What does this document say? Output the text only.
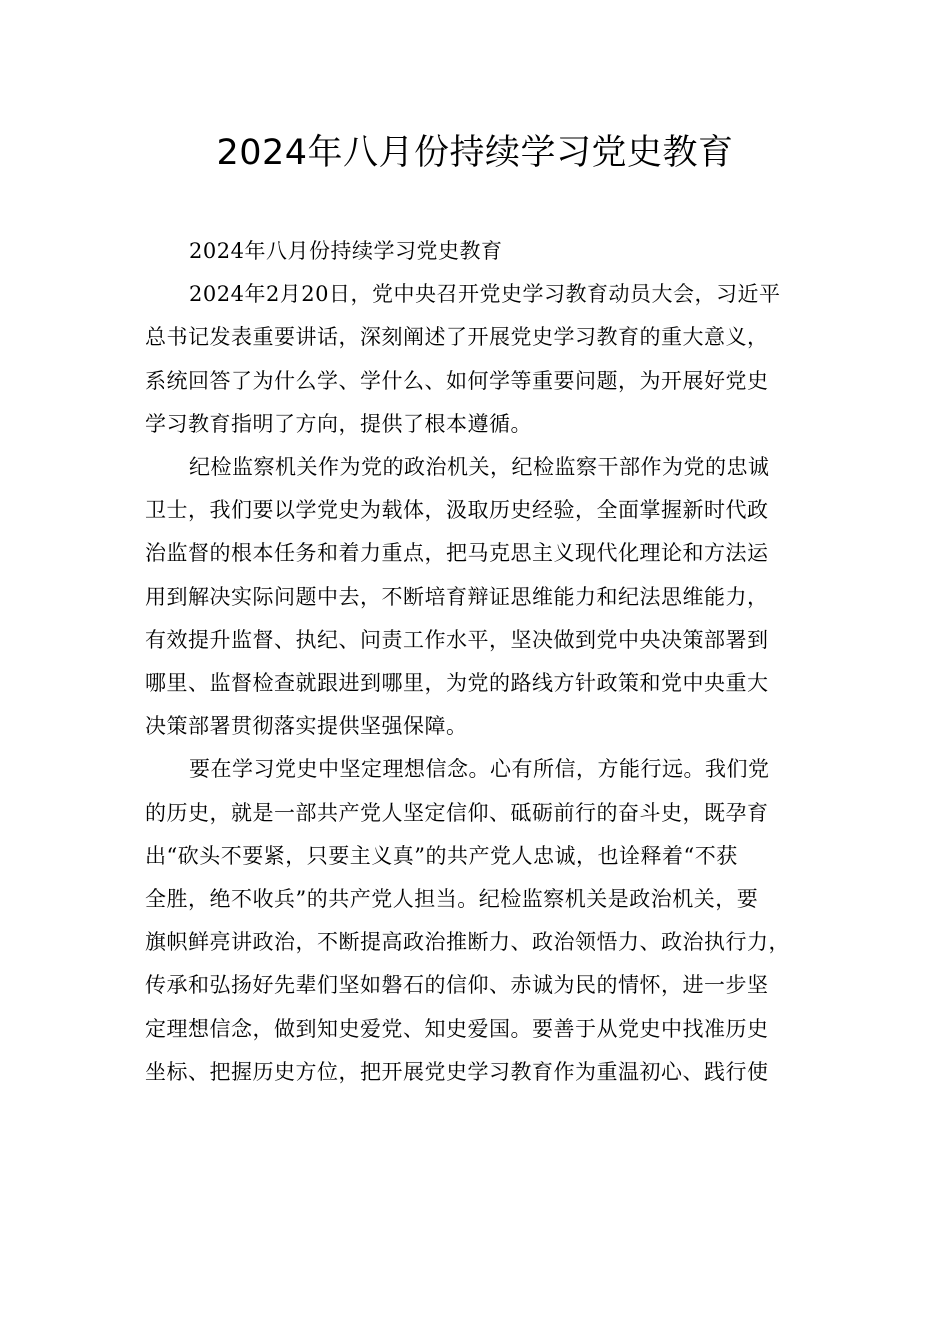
2024年八月份持续学习党史教育

2024年八月份持续学习党史教育

2024年2月20日，党中央召开党史学习教育动员大会，习近平
总书记发表重要讲话，深刻阐述了开展党史学习教育的重大意义，
系统回答了为什么学、学什么、如何学等重要问题，为开展好党史
学习教育指明了方向，提供了根本遵循。

纪检监察机关作为党的政治机关，纪检监察干部作为党的忠诚
卫士，我们要以学党史为载体，汲取历史经验，全面掌握新时代政
治监督的根本任务和着力重点，把马克思主义现代化理论和方法运
用到解决实际问题中去，不断培育辩证思维能力和纪法思维能力，
有效提升监督、执纪、问责工作水平，坚决做到党中央决策部署到
哪里、监督检查就跟进到哪里，为党的路线方针政策和党中央重大
决策部署贯彻落实提供坚强保障。

要在学习党史中坚定理想信念。心有所信，方能行远。我们党
的历史，就是一部共产党人坚定信仰、砥砺前行的奋斗史，既孕育
出“砍头不要紧，只要主义真”的共产党人忠诚，也诠释着“不获
全胜，绝不收兵”的共产党人担当。纪检监察机关是政治机关，要
旗帜鲜亮讲政治，不断提高政治推断力、政治领悟力、政治执行力，
传承和弘扬好先辈们坚如磐石的信仰、赤诚为民的情怀，进一步坚
定理想信念，做到知史爱党、知史爱国。要善于从党史中找准历史
坐标、把握历史方位，把开展党史学习教育作为重温初心、践行使
